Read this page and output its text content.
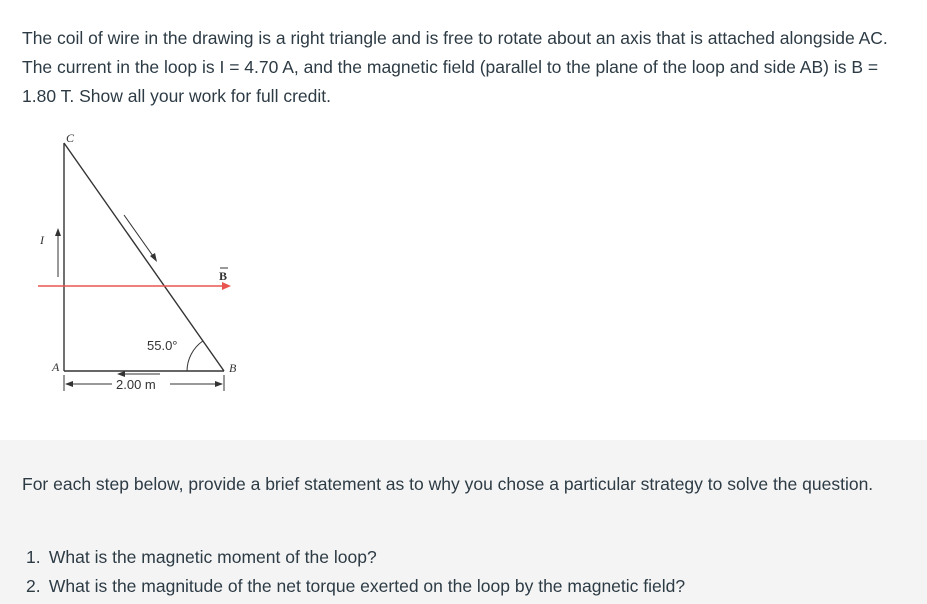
The coil of wire in the drawing is a right triangle and is free to rotate about an axis that is attached alongside AC. The current in the loop is I = 4.70 A, and the magnetic field (parallel to the plane of the loop and side AB) is B = 1.80 T. Show all your work for full credit.

C
A	B
I
B
55.0°
2.00 m

For each step below, provide a brief statement as to why you chose a particular strategy to solve the question.

1. What is the magnetic moment of the loop?
2. What is the magnitude of the net torque exerted on the loop by the magnetic field?
